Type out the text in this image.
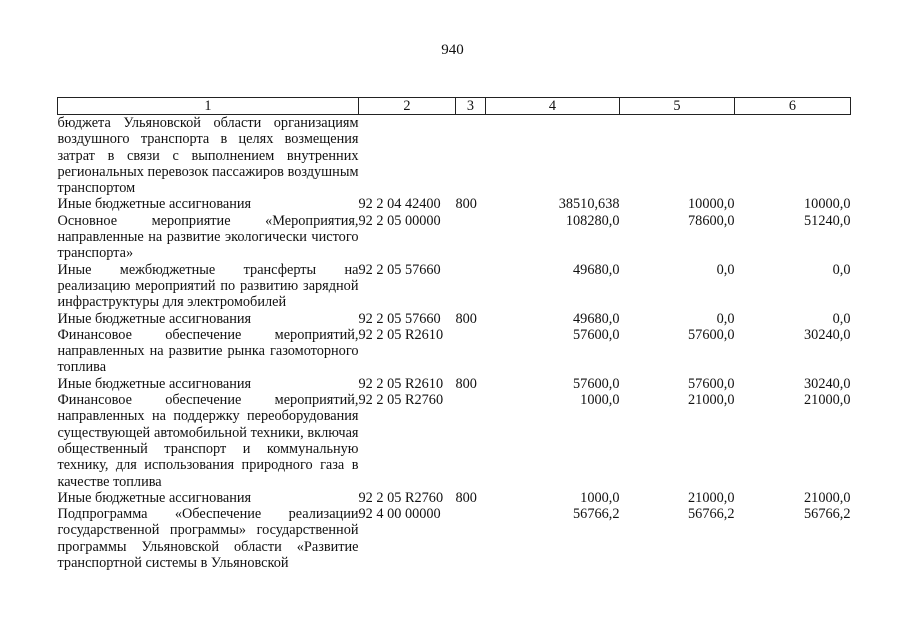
940
1	2	3	4	5	6
бюджета Ульяновской области организациям воздушного транспорта в целях возмещения затрат в связи с выполнением внутренних региональных перевозок пассажиров воздушным транспортом					
Иные бюджетные ассигнования	92 2 04 42400	800	38510,638	10000,0	10000,0
Основное мероприятие «Мероприятия, направленные на развитие экологически чистого транспорта»	92 2 05 00000		108280,0	78600,0	51240,0
Иные межбюджетные трансферты на реализацию мероприятий по развитию зарядной инфраструктуры для электромобилей	92 2 05 57660		49680,0	0,0	0,0
Иные бюджетные ассигнования	92 2 05 57660	800	49680,0	0,0	0,0
Финансовое обеспечение мероприятий, направленных на развитие рынка газомоторного топлива	92 2 05 R2610		57600,0	57600,0	30240,0
Иные бюджетные ассигнования	92 2 05 R2610	800	57600,0	57600,0	30240,0
Финансовое обеспечение мероприятий, направленных на поддержку переоборудования существующей автомобильной техники, включая общественный транспорт и коммунальную технику, для использования природного газа в качестве топлива	92 2 05 R2760		1000,0	21000,0	21000,0
Иные бюджетные ассигнования	92 2 05 R2760	800	1000,0	21000,0	21000,0
Подпрограмма «Обеспечение реализации государственной программы» государственной программы Ульяновской области «Развитие транспортной системы в Ульяновской	92 4 00 00000		56766,2	56766,2	56766,2
